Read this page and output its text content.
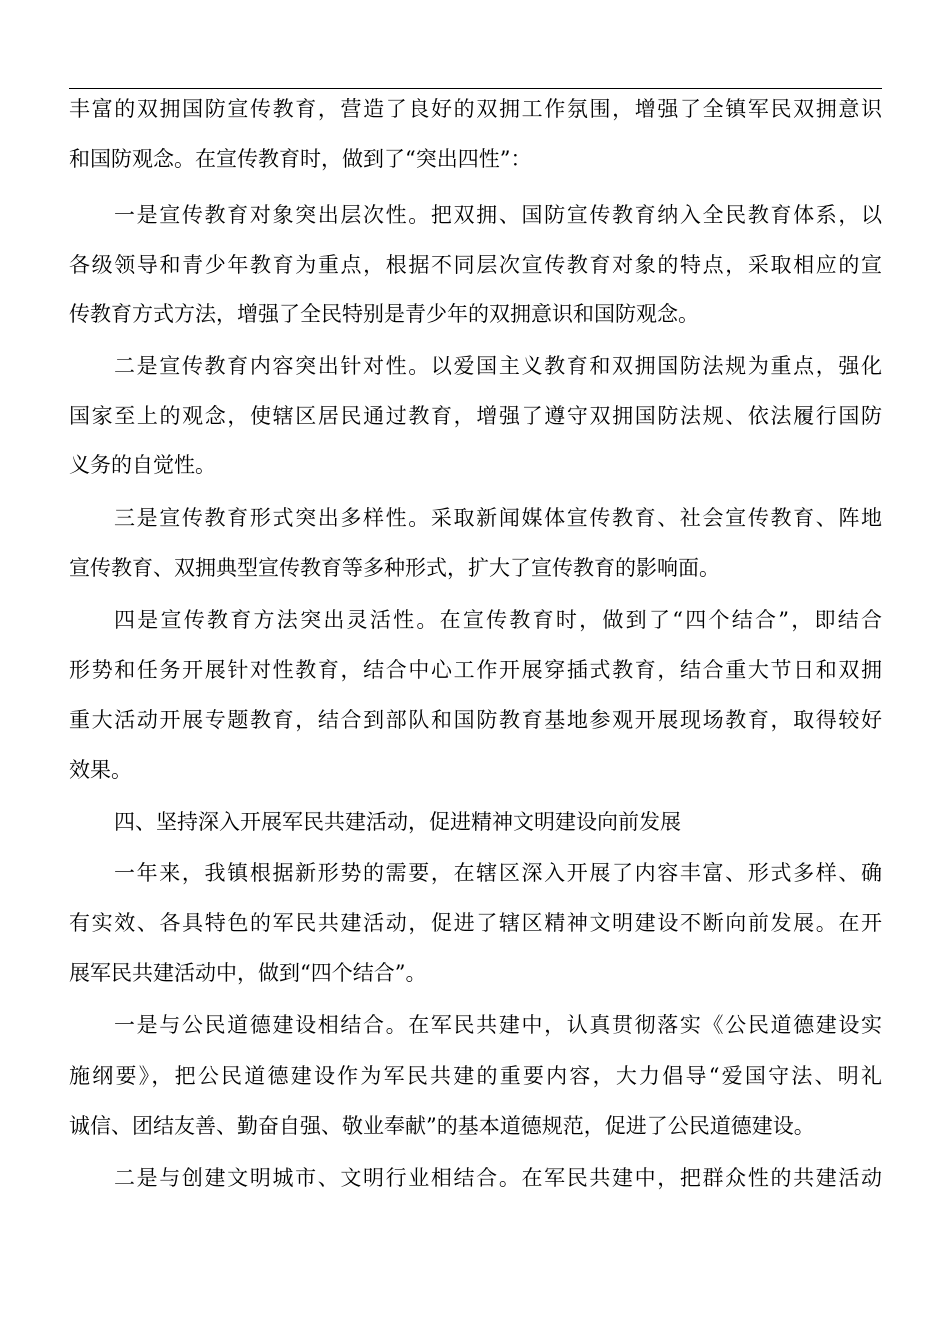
丰富的双拥国防宣传教育，营造了良好的双拥工作氛围，增强了全镇军民双拥意识
和国防观念。在宣传教育时，做到了“突出四性”：
一是宣传教育对象突出层次性。把双拥、国防宣传教育纳入全民教育体系，以
各级领导和青少年教育为重点，根据不同层次宣传教育对象的特点，采取相应的宣
传教育方式方法，增强了全民特别是青少年的双拥意识和国防观念。
二是宣传教育内容突出针对性。以爱国主义教育和双拥国防法规为重点，强化
国家至上的观念，使辖区居民通过教育，增强了遵守双拥国防法规、依法履行国防
义务的自觉性。
三是宣传教育形式突出多样性。采取新闻媒体宣传教育、社会宣传教育、阵地
宣传教育、双拥典型宣传教育等多种形式，扩大了宣传教育的影响面。
四是宣传教育方法突出灵活性。在宣传教育时，做到了“四个结合”，即结合
形势和任务开展针对性教育，结合中心工作开展穿插式教育，结合重大节日和双拥
重大活动开展专题教育，结合到部队和国防教育基地参观开展现场教育，取得较好
效果。
四、坚持深入开展军民共建活动，促进精神文明建设向前发展
一年来，我镇根据新形势的需要，在辖区深入开展了内容丰富、形式多样、确
有实效、各具特色的军民共建活动，促进了辖区精神文明建设不断向前发展。在开
展军民共建活动中，做到“四个结合”。
一是与公民道德建设相结合。在军民共建中，认真贯彻落实《公民道德建设实
施纲要》，把公民道德建设作为军民共建的重要内容，大力倡导“爱国守法、明礼
诚信、团结友善、勤奋自强、敬业奉献”的基本道德规范，促进了公民道德建设。
二是与创建文明城市、文明行业相结合。在军民共建中，把群众性的共建活动
